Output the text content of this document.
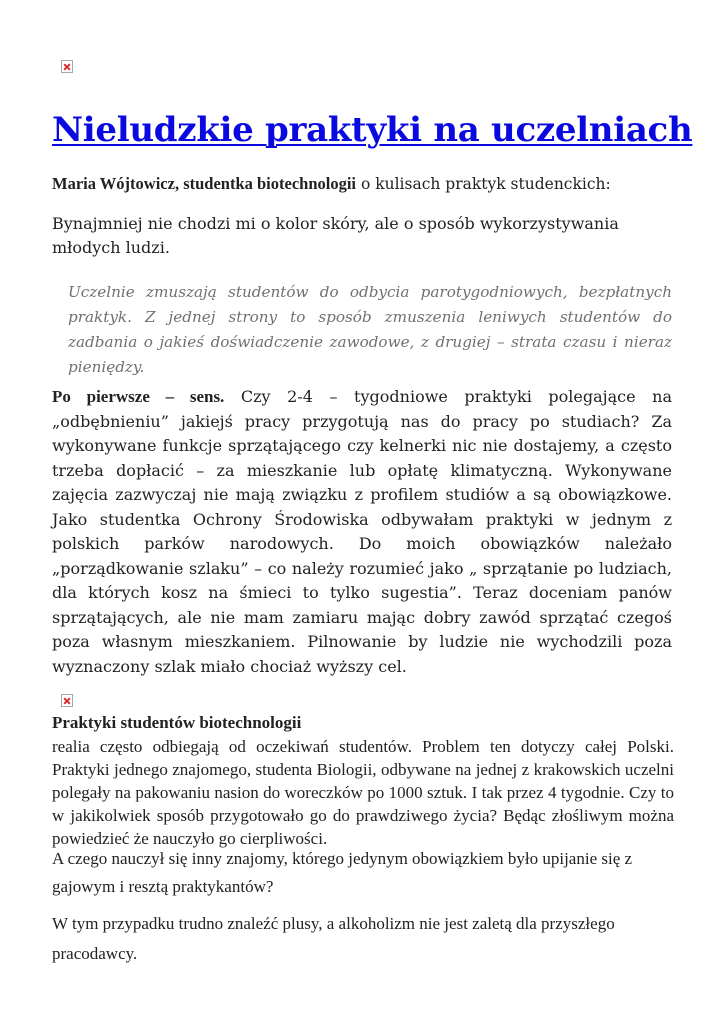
Nieludzkie praktyki na uczelniach

Maria Wójtowicz, studentka biotechnologii o kulisach praktyk studenckich:

Bynajmniej nie chodzi mi o kolor skóry, ale o sposób wykorzystywania młodych ludzi.

Uczelnie zmuszają studentów do odbycia parotygodniowych, bezpłatnych praktyk. Z jednej strony to sposób zmuszenia leniwych studentów do zadbania o jakieś doświadczenie zawodowe, z drugiej – strata czasu i nieraz pieniędzy.

Po pierwsze – sens. Czy 2-4 – tygodniowe praktyki polegające na „odbębnieniu” jakiejś pracy przygotują nas do pracy po studiach? Za wykonywane funkcje sprzątającego czy kelnerki nic nie dostajemy, a często trzeba dopłacić – za mieszkanie lub opłatę klimatyczną. Wykonywane zajęcia zazwyczaj nie mają związku z profilem studiów a są obowiązkowe. Jako studentka Ochrony Środowiska odbywałam praktyki w jednym z polskich parków narodowych. Do moich obowiązków należało „porządkowanie szlaku” – co należy rozumieć jako „ sprzątanie po ludziach, dla których kosz na śmieci to tylko sugestia”. Teraz doceniam panów sprzątających, ale nie mam zamiaru mając dobry zawód sprzątać czegoś poza własnym mieszkaniem. Pilnowanie by ludzie nie wychodzili poza wyznaczony szlak miało chociaż wyższy cel.

Praktyki studentów biotechnologii

realia często odbiegają od oczekiwań studentów. Problem ten dotyczy całej Polski. Praktyki jednego znajomego, studenta Biologii, odbywane na jednej z krakowskich uczelni polegały na pakowaniu nasion do woreczków po 1000 sztuk. I tak przez 4 tygodnie. Czy to w jakikolwiek sposób przygotowało go do prawdziwego życia? Będąc złośliwym można powiedzieć że nauczyło go cierpliwości.

A czego nauczył się inny znajomy, którego jedynym obowiązkiem było upijanie się z gajowym i resztą praktykantów?

W tym przypadku trudno znaleźć plusy, a alkoholizm nie jest zaletą dla przyszłego pracodawcy.
